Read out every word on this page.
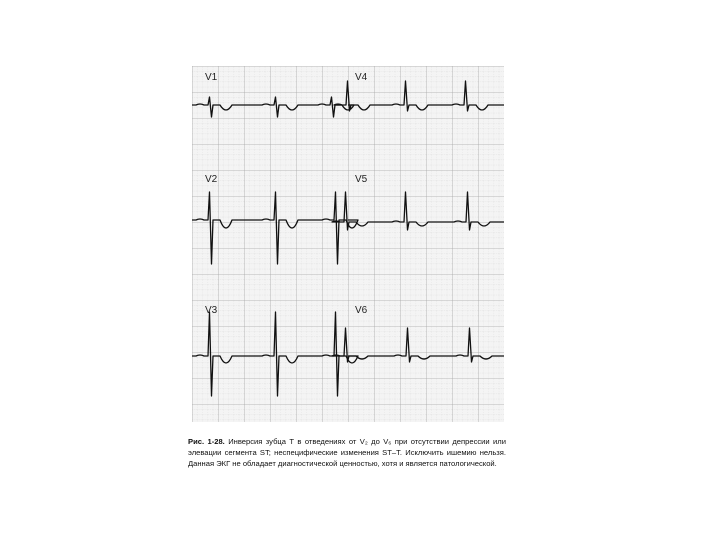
V1	V4
V2	V5
V3	V6
Рис. 1-28. Инверсия зубца Т в отведениях от V₂ до V₆ при отсутствии депрессии или элевации сегмента ST; неспецифические изменения ST–T. Исключить ишемию нельзя. Данная ЭКГ не обладает диагностической ценностью, хотя и является патологической.
